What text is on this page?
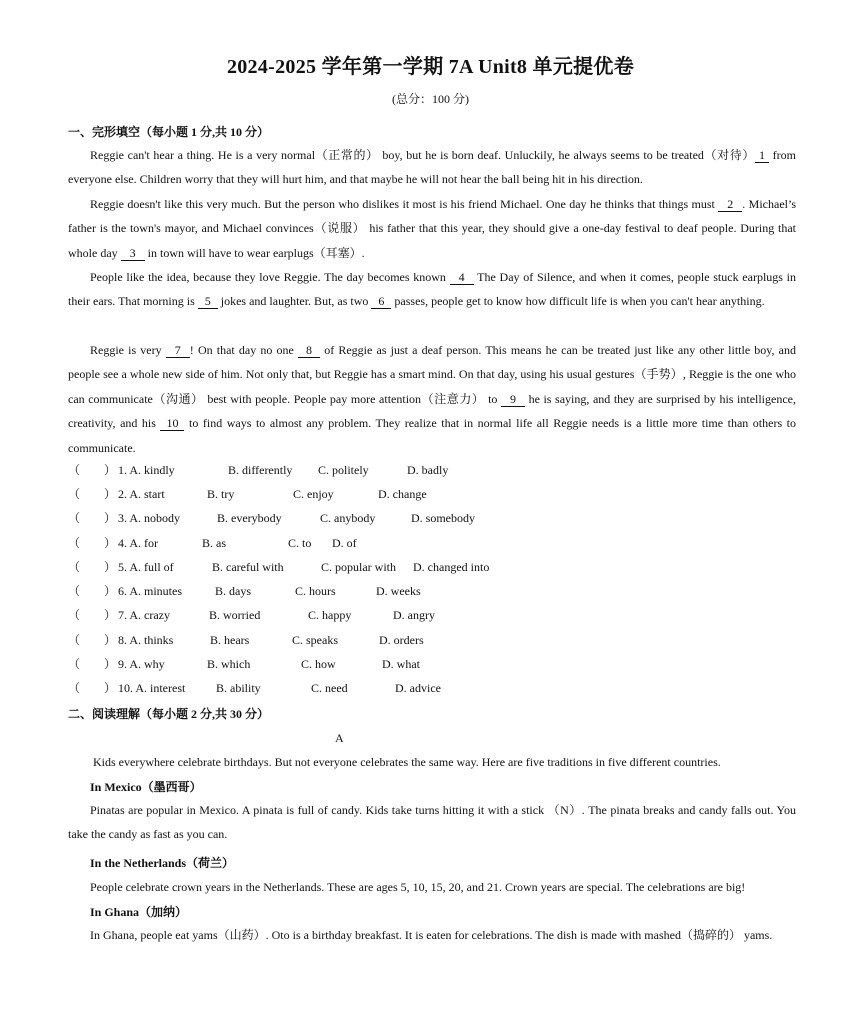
2024-2025 学年第一学期 7A Unit8 单元提优卷
(总分：100 分)
一、完形填空（每小题 1 分,共 10 分）
Reggie can't hear a thing. He is a very normal（正常的） boy, but he is born deaf. Unluckily, he always seems to be treated（对待） 1 from everyone else. Children worry that they will hurt him, and that maybe he will not hear the ball being hit in his direction.
Reggie doesn't like this very much. But the person who dislikes it most is his friend Michael. One day he thinks that things must 2 . Michael’s father is the town's mayor, and Michael convinces（说服） his father that this year, they should give a one-day festival to deaf people. During that whole day 3 in town will have to wear earplugs（耳塞）.
People like the idea, because they love Reggie. The day becomes known 4 The Day of Silence, and when it comes, people stuck earplugs in their ears. That morning is 5 jokes and laughter. But, as two 6 passes, people get to know how difficult life is when you can't hear anything.
Reggie is very 7 ! On that day no one 8 of Reggie as just a deaf person. This means he can be treated just like any other little boy, and people see a whole new side of him. Not only that, but Reggie has a smart mind. On that day, using his usual gestures（手势）, Reggie is the one who can communicate（沟通） best with people. People pay more attention（注意力） to 9 he is saying, and they are surprised by his intelligence, creativity, and his 10 to find ways to almost any problem. They realize that in normal life all Reggie needs is a little more time than others to communicate.
（　　） 1. A. kindly	B. differently C. politely	D. badly
（　　） 2. A. start	B. try	C. enjoy	D. change
（　　） 3. A. nobody	B. everybody	C. anybody	D. somebody
（　　） 4. A. for	B. as	C. to D. of
（　　） 5. A. full of	B. careful with	C. popular with D. changed into
（　　） 6. A. minutes	B. days	C. hours	D. weeks
（　　） 7. A. crazy	B. worried	C. happy	D. angry
（　　） 8. A. thinks	B. hears	C. speaks	D. orders
（　　） 9. A. why	B. which	C. how	D. what
（　　） 10. A. interest	B. ability	C. need	D. advice
二、阅读理解（每小题 2 分,共 30 分）
A
Kids everywhere celebrate birthdays. But not everyone celebrates the same way. Here are five traditions in five different countries.
In Mexico（墨西哥）
Pinatas are popular in Mexico. A pinata is full of candy. Kids take turns hitting it with a stick （N）. The pinata breaks and candy falls out. You take the candy as fast as you can.
In the Netherlands（荷兰）
People celebrate crown years in the Netherlands. These are ages 5, 10, 15, 20, and 21. Crown years are special. The celebrations are big!
In Ghana（加纳）
In Ghana, people eat yams（山药）. Oto is a birthday breakfast. It is eaten for celebrations. The dish is made with mashed（捣碎的） yams.
